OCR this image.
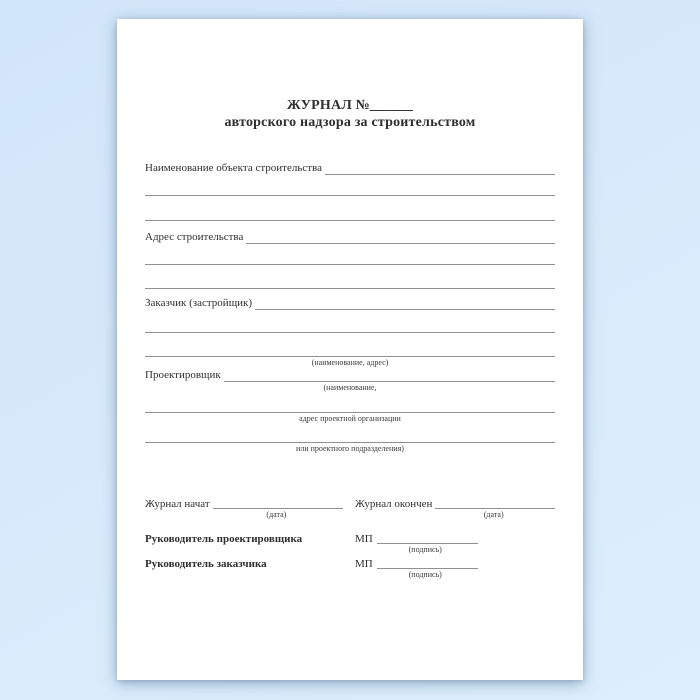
ЖУРНАЛ №______
авторского надзора за строительством
Наименование объекта строительства
Адрес строительства
Заказчик (застройщик)
(наименование, адрес)
Проектировщик
(наименование,
адрес проектной организации
или проектного подразделения)
Журнал начат
(дата)
Журнал окончен
(дата)
Руководитель проектировщика	МП
(подпись)
Руководитель заказчика	МП
(подпись)
